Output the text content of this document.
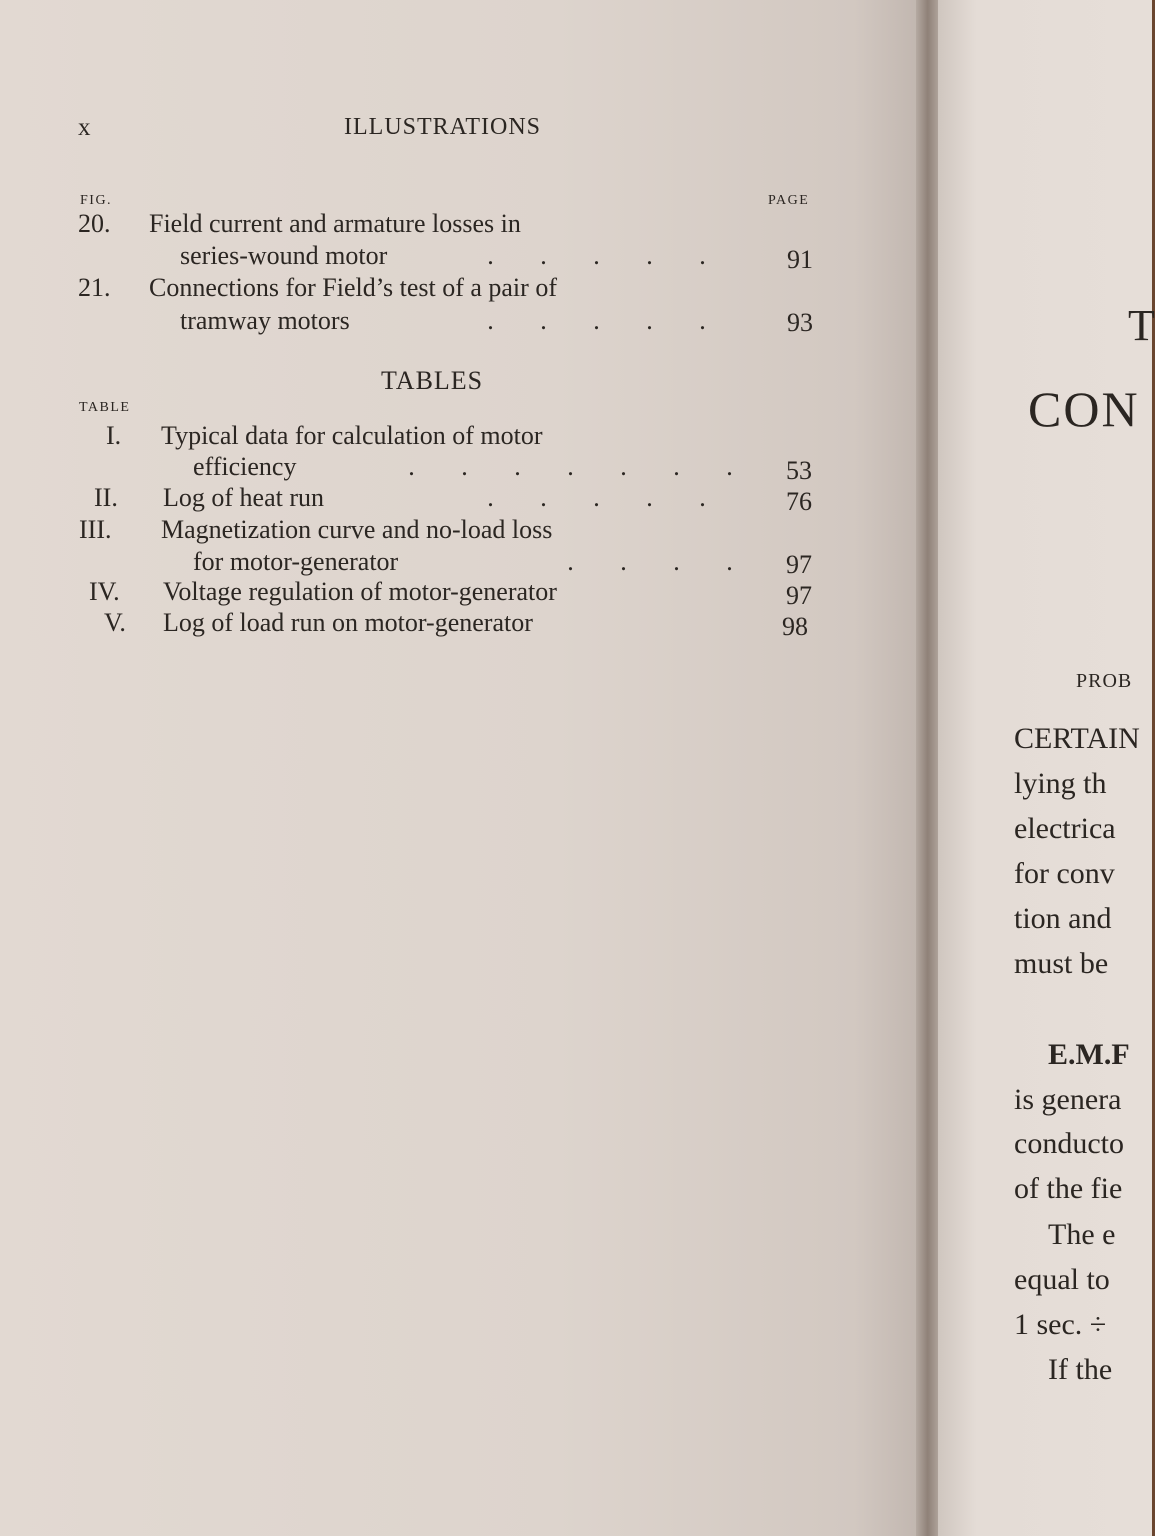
x	ILLUSTRATIONS
FIG.	PAGE
20. Field current and armature losses in
series-wound motor	. . . . .	91
21. Connections for Field’s test of a pair of
tramway motors	. . . . .	93
TABLES
TABLE
I. Typical data for calculation of motor
efficiency	. . . . . . .	53
II. Log of heat run	. . . . .	76
III. Magnetization curve and no-load loss
for motor-generator	. . . .	97
IV. Voltage regulation of motor-generator	97
V. Log of load run on motor-generator	98
T
CON
PROB
CERTAIN
lying th
electrica
for conv
tion and
must be
E.M.F
is genera
conducto
of the fie
The e
equal to
1 sec. ÷
If the
